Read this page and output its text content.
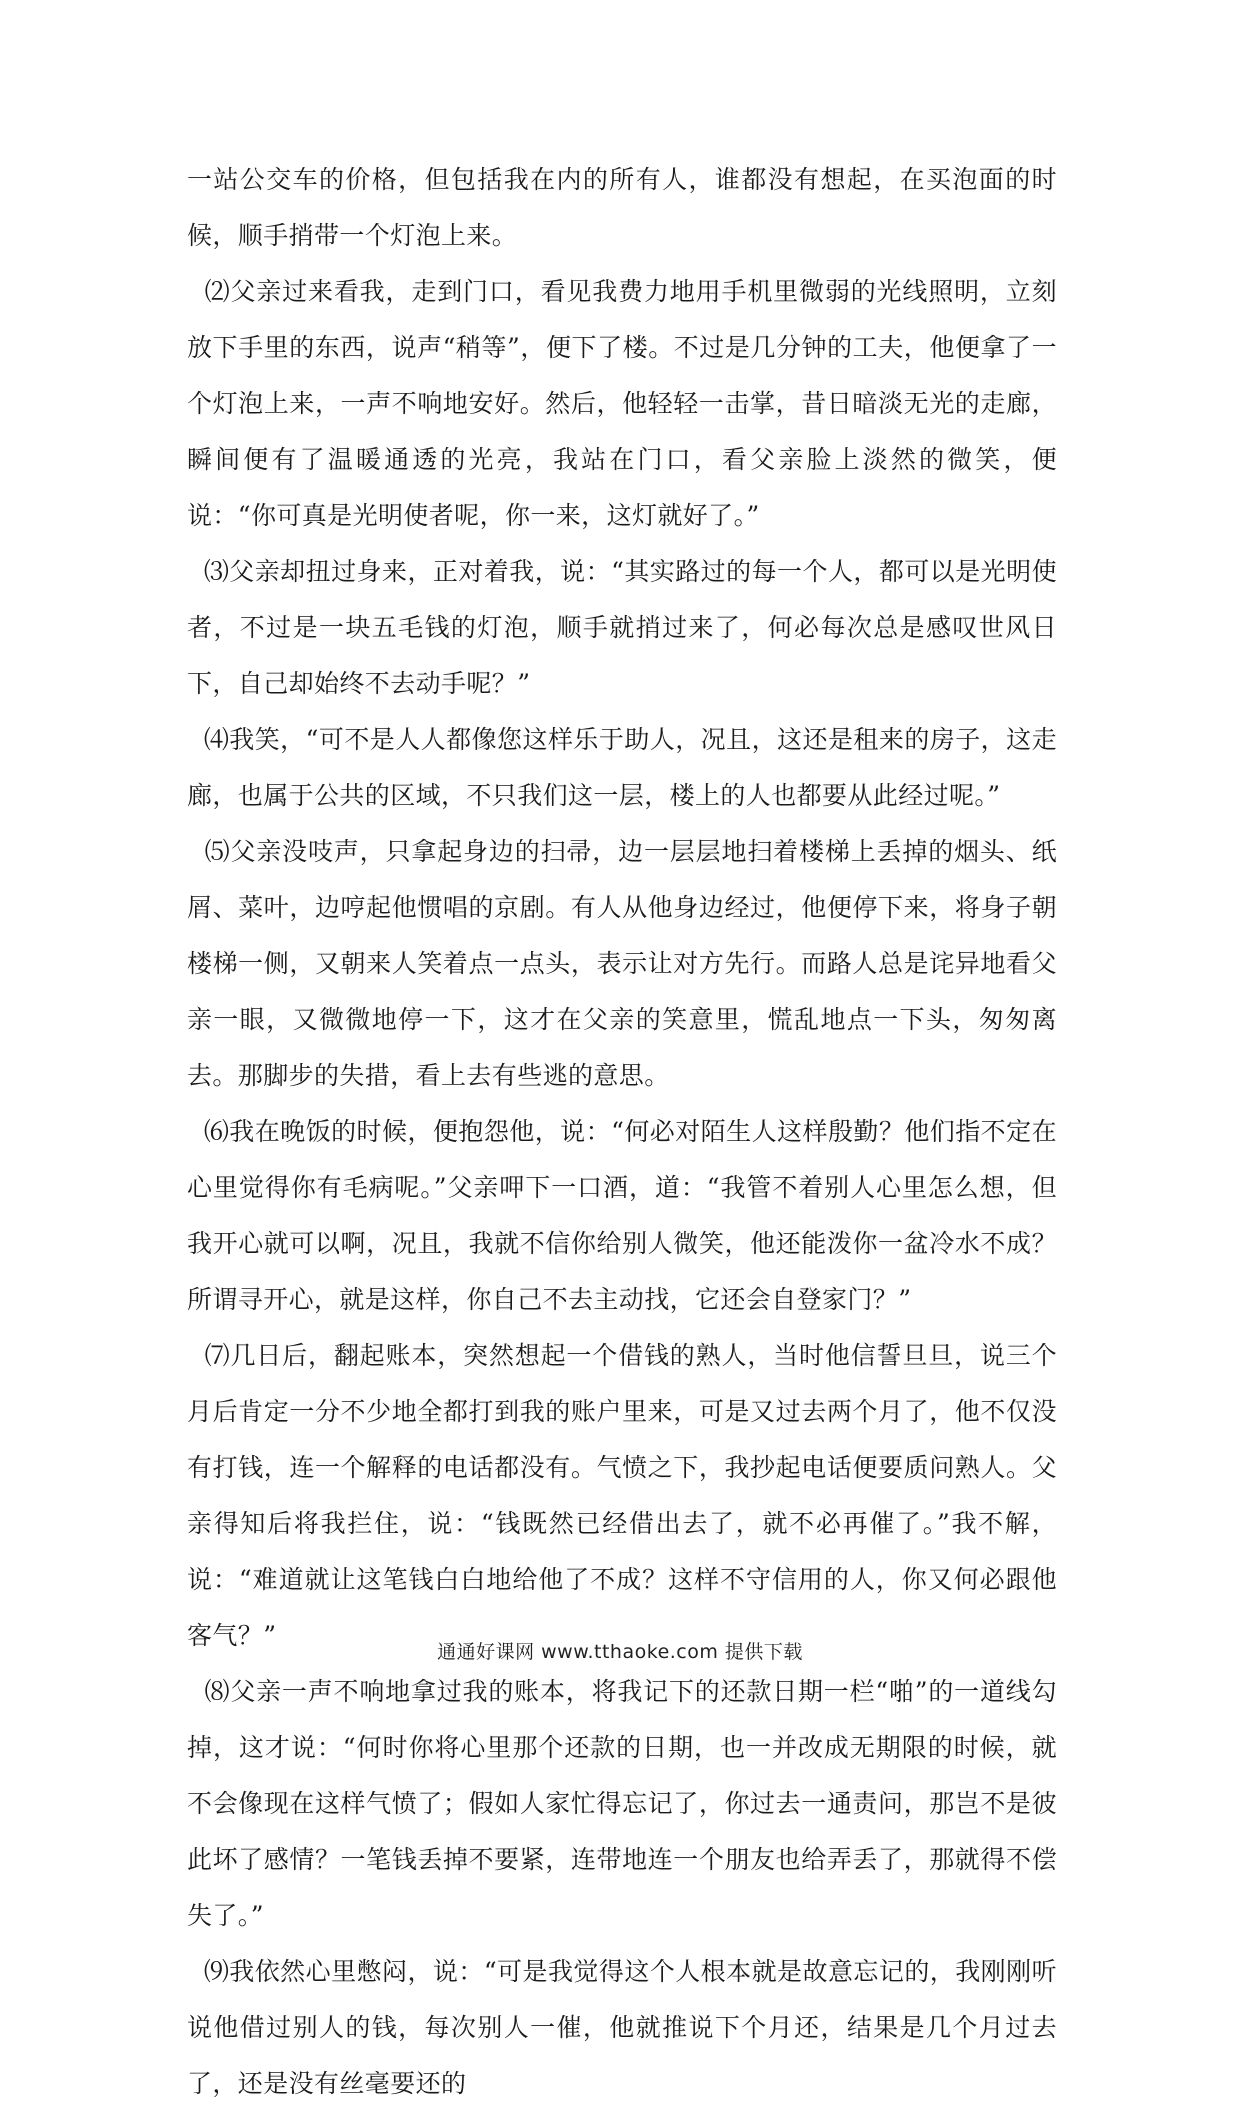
一站公交车的价格，但包括我在内的所有人，谁都没有想起，在买泡面的时候，顺手捎带一个灯泡上来。

⑵父亲过来看我，走到门口，看见我费力地用手机里微弱的光线照明，立刻放下手里的东西，说声“稍等”，便下了楼。不过是几分钟的工夫，他便拿了一个灯泡上来，一声不响地安好。然后，他轻轻一击掌，昔日暗淡无光的走廊，瞬间便有了温暖通透的光亮，我站在门口，看父亲脸上淡然的微笑，便说：“你可真是光明使者呢，你一来，这灯就好了。”

⑶父亲却扭过身来，正对着我，说：“其实路过的每一个人，都可以是光明使者，不过是一块五毛钱的灯泡，顺手就捎过来了，何必每次总是感叹世风日下，自己却始终不去动手呢？”

⑷我笑，“可不是人人都像您这样乐于助人，况且，这还是租来的房子，这走廊，也属于公共的区域，不只我们这一层，楼上的人也都要从此经过呢。”

⑸父亲没吱声，只拿起身边的扫帚，边一层层地扫着楼梯上丢掉的烟头、纸屑、菜叶，边哼起他惯唱的京剧。有人从他身边经过，他便停下来，将身子朝楼梯一侧，又朝来人笑着点一点头，表示让对方先行。而路人总是诧异地看父亲一眼，又微微地停一下，这才在父亲的笑意里，慌乱地点一下头，匆匆离去。那脚步的失措，看上去有些逃的意思。

⑹我在晚饭的时候，便抱怨他，说：“何必对陌生人这样殷勤？他们指不定在心里觉得你有毛病呢。”父亲呷下一口酒，道：“我管不着别人心里怎么想，但我开心就可以啊，况且，我就不信你给别人微笑，他还能泼你一盆冷水不成？所谓寻开心，就是这样，你自己不去主动找，它还会自登家门？”

⑺几日后，翻起账本，突然想起一个借钱的熟人，当时他信誓旦旦，说三个月后肯定一分不少地全都打到我的账户里来，可是又过去两个月了，他不仅没有打钱，连一个解释的电话都没有。气愤之下，我抄起电话便要质问熟人。父亲得知后将我拦住，说：“钱既然已经借出去了，就不必再催了。”我不解，说：“难道就让这笔钱白白地给他了不成？这样不守信用的人，你又何必跟他客气？”

⑻父亲一声不响地拿过我的账本，将我记下的还款日期一栏“啪”的一道线勾掉，这才说：“何时你将心里那个还款的日期，也一并改成无期限的时候，就不会像现在这样气愤了；假如人家忙得忘记了，你过去一通责问，那岂不是彼此坏了感情？一笔钱丢掉不要紧，连带地连一个朋友也给弄丢了，那就得不偿失了。”

⑼我依然心里憋闷，说：“可是我觉得这个人根本就是故意忘记的，我刚刚听说他借过别人的钱，每次别人一催，他就推说下个月还，结果是几个月过去了，还是没有丝毫要还的

通通好课网 www.tthaoke.com 提供下载
